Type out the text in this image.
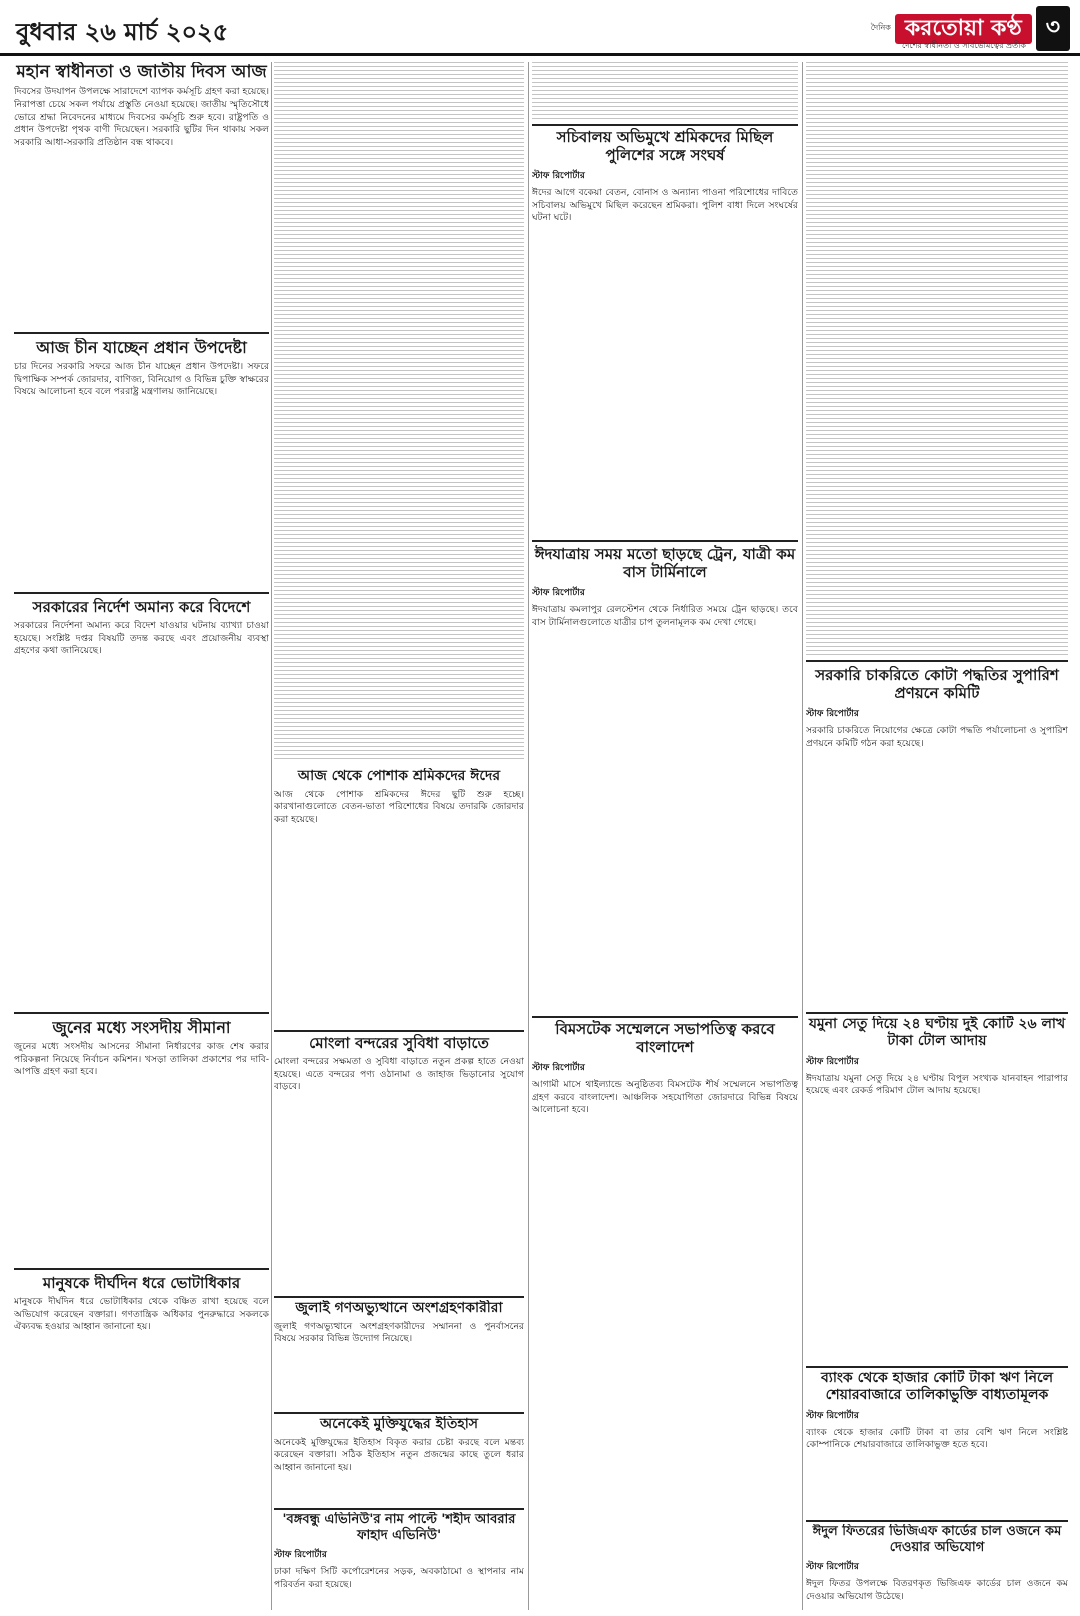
বুধবার ২৬ মার্চ ২০২৫	দৈনিক করতোয়া কণ্ঠ	৩
দেশের স্বাধীনতা ও সার্বভৌমত্বের প্রতীক
মহান স্বাধীনতা ও জাতীয় দিবস আজ
দিবসের উদযাপন উপলক্ষে সারাদেশে ব্যাপক কর্মসূচি গ্রহণ করা হয়েছে। নিরাপত্তা চেয়ে সকল পর্যায়ে প্রস্তুতি নেওয়া হয়েছে। জাতীয় স্মৃতিসৌধে ভোরে শ্রদ্ধা নিবেদনের মাধ্যমে দিবসের কর্মসূচি শুরু হবে। রাষ্ট্রপতি ও প্রধান উপদেষ্টা পৃথক বাণী দিয়েছেন। সরকারি ছুটির দিন থাকায় সকল সরকারি আধা-সরকারি প্রতিষ্ঠান বন্ধ থাকবে।
আজ চীন যাচ্ছেন প্রধান উপদেষ্টা
চার দিনের সরকারি সফরে আজ চীন যাচ্ছেন প্রধান উপদেষ্টা। সফরে দ্বিপাক্ষিক সম্পর্ক জোরদার, বাণিজ্য, বিনিয়োগ ও বিভিন্ন চুক্তি স্বাক্ষরের বিষয়ে আলোচনা হবে বলে পররাষ্ট্র মন্ত্রণালয় জানিয়েছে।
সরকারের নির্দেশ অমান্য করে বিদেশে
সরকারের নির্দেশনা অমান্য করে বিদেশ যাওয়ার ঘটনায় ব্যাখ্যা চাওয়া হয়েছে। সংশ্লিষ্ট দপ্তর বিষয়টি তদন্ত করছে এবং প্রয়োজনীয় ব্যবস্থা গ্রহণের কথা জানিয়েছে।
জুনের মধ্যে সংসদীয় সীমানা
জুনের মধ্যে সংসদীয় আসনের সীমানা নির্ধারণের কাজ শেষ করার পরিকল্পনা নিয়েছে নির্বাচন কমিশন। খসড়া তালিকা প্রকাশের পর দাবি-আপত্তি গ্রহণ করা হবে।
মানুষকে দীর্ঘদিন ধরে ভোটাধিকার
মানুষকে দীর্ঘদিন ধরে ভোটাধিকার থেকে বঞ্চিত রাখা হয়েছে বলে অভিযোগ করেছেন বক্তারা। গণতান্ত্রিক অধিকার পুনরুদ্ধারে সকলকে ঐক্যবদ্ধ হওয়ার আহ্বান জানানো হয়।
আজ থেকে পোশাক শ্রমিকদের ঈদের
আজ থেকে পোশাক শ্রমিকদের ঈদের ছুটি শুরু হচ্ছে। কারখানাগুলোতে বেতন-ভাতা পরিশোধের বিষয়ে তদারকি জোরদার করা হয়েছে।
মোংলা বন্দরের সুবিধা বাড়াতে
মোংলা বন্দরের সক্ষমতা ও সুবিধা বাড়াতে নতুন প্রকল্প হাতে নেওয়া হয়েছে। এতে বন্দরের পণ্য ওঠানামা ও জাহাজ ভিড়ানোর সুযোগ বাড়বে।
জুলাই গণঅভ্যুত্থানে অংশগ্রহণকারীরা
জুলাই গণঅভ্যুত্থানে অংশগ্রহণকারীদের সম্মাননা ও পুনর্বাসনের বিষয়ে সরকার বিভিন্ন উদ্যোগ নিয়েছে।
অনেকেই মুক্তিযুদ্ধের ইতিহাস
অনেকেই মুক্তিযুদ্ধের ইতিহাস বিকৃত করার চেষ্টা করছে বলে মন্তব্য করেছেন বক্তারা। সঠিক ইতিহাস নতুন প্রজন্মের কাছে তুলে ধরার আহ্বান জানানো হয়।
'বঙ্গবন্ধু এভিনিউ'র নাম পাল্টে 'শহীদ আবরার ফাহাদ এভিনিউ'
স্টাফ রিপোর্টার
ঢাকা দক্ষিণ সিটি কর্পোরেশনের সড়ক, অবকাঠামো ও স্থাপনার নাম পরিবর্তন করা হয়েছে।
সচিবালয় অভিমুখে শ্রমিকদের মিছিল পুলিশের সঙ্গে সংঘর্ষ
স্টাফ রিপোর্টার
ঈদের আগে বকেয়া বেতন, বোনাস ও অন্যান্য পাওনা পরিশোধের দাবিতে সচিবালয় অভিমুখে মিছিল করেছেন শ্রমিকরা। পুলিশ বাধা দিলে সংঘর্ষের ঘটনা ঘটে।
ঈদযাত্রায় সময় মতো ছাড়ছে ট্রেন, যাত্রী কম বাস টার্মিনালে
স্টাফ রিপোর্টার
ঈদযাত্রায় কমলাপুর রেলস্টেশন থেকে নির্ধারিত সময়ে ট্রেন ছাড়ছে। তবে বাস টার্মিনালগুলোতে যাত্রীর চাপ তুলনামূলক কম দেখা গেছে।
বিমসটেক সম্মেলনে সভাপতিত্ব করবে বাংলাদেশ
স্টাফ রিপোর্টার
আগামী মাসে থাইল্যান্ডে অনুষ্ঠিতব্য বিমসটেক শীর্ষ সম্মেলনে সভাপতিত্ব গ্রহণ করবে বাংলাদেশ। আঞ্চলিক সহযোগিতা জোরদারে বিভিন্ন বিষয়ে আলোচনা হবে।
সরকারি চাকরিতে কোটা পদ্ধতির সুপারিশ প্রণয়নে কমিটি
স্টাফ রিপোর্টার
সরকারি চাকরিতে নিয়োগের ক্ষেত্রে কোটা পদ্ধতি পর্যালোচনা ও সুপারিশ প্রণয়নে কমিটি গঠন করা হয়েছে।
যমুনা সেতু দিয়ে ২৪ ঘণ্টায় দুই কোটি ২৬ লাখ টাকা টোল আদায়
স্টাফ রিপোর্টার
ঈদযাত্রায় যমুনা সেতু দিয়ে ২৪ ঘণ্টায় বিপুল সংখ্যক যানবাহন পারাপার হয়েছে এবং রেকর্ড পরিমাণ টোল আদায় হয়েছে।
ব্যাংক থেকে হাজার কোটি টাকা ঋণ নিলে শেয়ারবাজারে তালিকাভুক্তি বাধ্যতামূলক
স্টাফ রিপোর্টার
ব্যাংক থেকে হাজার কোটি টাকা বা তার বেশি ঋণ নিলে সংশ্লিষ্ট কোম্পানিকে শেয়ারবাজারে তালিকাভুক্ত হতে হবে।
ঈদুল ফিতরের ভিজিএফ কার্ডের চাল ওজনে কম দেওয়ার অভিযোগ
স্টাফ রিপোর্টার
ঈদুল ফিতর উপলক্ষে বিতরণকৃত ভিজিএফ কার্ডের চাল ওজনে কম দেওয়ার অভিযোগ উঠেছে।
